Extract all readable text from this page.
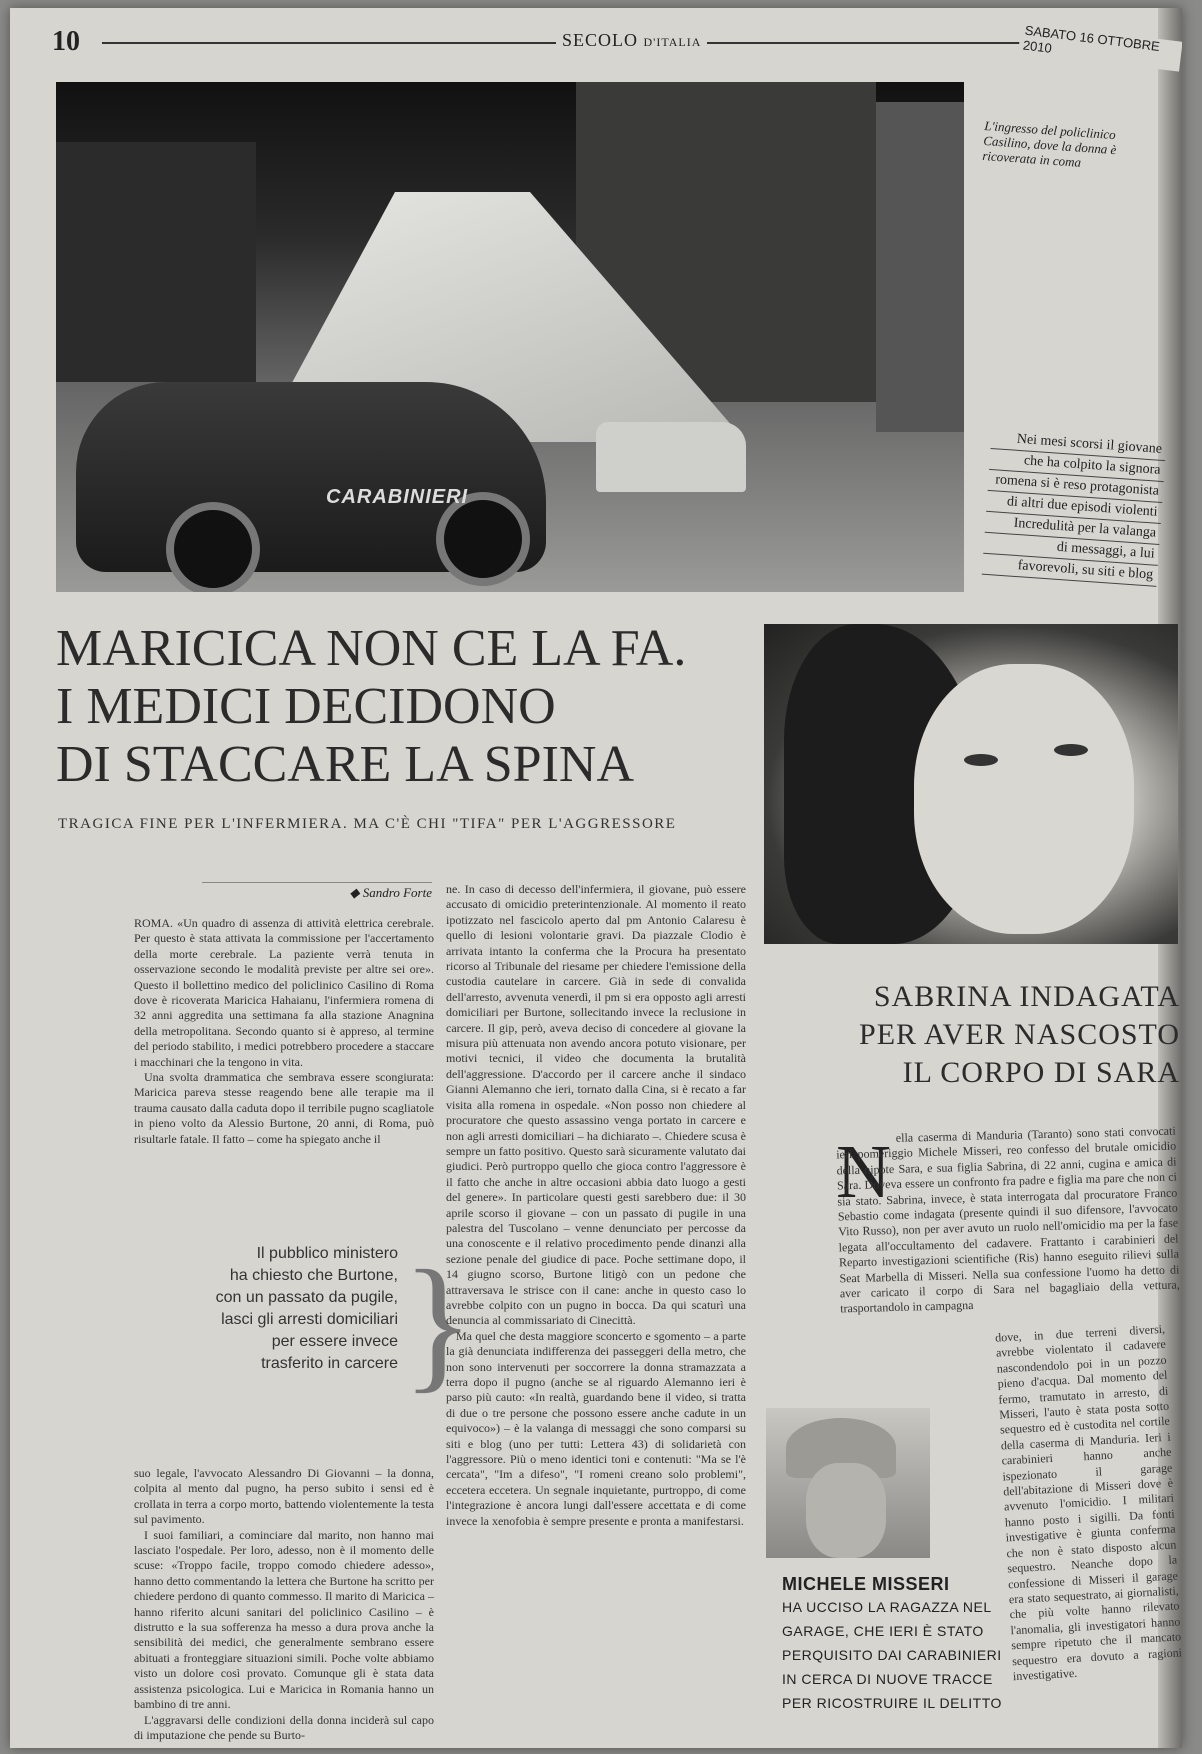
10	SECOLO D'ITALIA	SABATO 16 OTTOBRE 2010
CARABINIERI
L'ingresso del policlinico Casilino, dove la donna è ricoverata in coma
Nei mesi scorsi il giovane
che ha colpito la signora
romena si è reso protagonista
di altri due episodi violenti
Incredulità per la valanga
di messaggi, a lui
favorevoli, su siti e blog
MARICICA NON CE LA FA.
I MEDICI DECIDONO
DI STACCARE LA SPINA
TRAGICA FINE PER L'INFERMIERA. MA C'È CHI "TIFA" PER L'AGGRESSORE
◆ Sandro Forte

ROMA. «Un quadro di assenza di attività elettrica cerebrale. Per questo è stata attivata la commissione per l'accertamento della morte cerebrale. La paziente verrà tenuta in osservazione secondo le modalità previste per altre sei ore». Questo il bollettino medico del policlinico Casilino di Roma dove è ricoverata Maricica Hahaianu, l'infermiera romena di 32 anni aggredita una settimana fa alla stazione Anagnina della metropolitana. Secondo quanto si è appreso, al termine del periodo stabilito, i medici potrebbero procedere a staccare i macchinari che la tengono in vita.

Una svolta drammatica che sembrava essere scongiurata: Maricica pareva stesse reagendo bene alle terapie ma il trauma causato dalla caduta dopo il terribile pugno scagliatole in pieno volto da Alessio Burtone, 20 anni, di Roma, può risultarle fatale. Il fatto – come ha spiegato anche il

Il pubblico ministero
ha chiesto che Burtone,
con un passato da pugile,
lasci gli arresti domiciliari
per essere invece
trasferito in carcere }

suo legale, l'avvocato Alessandro Di Giovanni – la donna, colpita al mento dal pugno, ha perso subito i sensi ed è crollata in terra a corpo morto, battendo violentemente la testa sul pavimento.

I suoi familiari, a cominciare dal marito, non hanno mai lasciato l'ospedale. Per loro, adesso, non è il momento delle scuse: «Troppo facile, troppo comodo chiedere adesso», hanno detto commentando la lettera che Burtone ha scritto per chiedere perdono di quanto commesso. Il marito di Maricica – hanno riferito alcuni sanitari del policlinico Casilino – è distrutto e la sua sofferenza ha messo a dura prova anche la sensibilità dei medici, che generalmente sembrano essere abituati a fronteggiare situazioni simili. Poche volte abbiamo visto un dolore così provato. Comunque gli è stata data assistenza psicologica. Lui e Maricica in Romania hanno un bambino di tre anni.

L'aggravarsi delle condizioni della donna inciderà sul capo di imputazione che pende su Burto-

ne. In caso di decesso dell'infermiera, il giovane, può essere accusato di omicidio preterintenzionale. Al momento il reato ipotizzato nel fascicolo aperto dal pm Antonio Calaresu è quello di lesioni volontarie gravi. Da piazzale Clodio è arrivata intanto la conferma che la Procura ha presentato ricorso al Tribunale del riesame per chiedere l'emissione della custodia cautelare in carcere. Già in sede di convalida dell'arresto, avvenuta venerdì, il pm si era opposto agli arresti domiciliari per Burtone, sollecitando invece la reclusione in carcere. Il gip, però, aveva deciso di concedere al giovane la misura più attenuata non avendo ancora potuto visionare, per motivi tecnici, il video che documenta la brutalità dell'aggressione. D'accordo per il carcere anche il sindaco Gianni Alemanno che ieri, tornato dalla Cina, si è recato a far visita alla romena in ospedale. «Non posso non chiedere al procuratore che questo assassino venga portato in carcere e non agli arresti domiciliari – ha dichiarato –. Chiedere scusa è sempre un fatto positivo. Questo sarà sicuramente valutato dai giudici. Però purtroppo quello che gioca contro l'aggressore è il fatto che anche in altre occasioni abbia dato luogo a gesti del genere». In particolare questi gesti sarebbero due: il 30 aprile scorso il giovane – con un passato di pugile in una palestra del Tuscolano – venne denunciato per percosse da una conoscente e il relativo procedimento pende dinanzi alla sezione penale del giudice di pace. Poche settimane dopo, il 14 giugno scorso, Burtone litigò con un pedone che attraversava le strisce con il cane: anche in questo caso lo avrebbe colpito con un pugno in bocca. Da qui scaturì una denuncia al commissariato di Cinecittà.

Ma quel che desta maggiore sconcerto e sgomento – a parte la già denunciata indifferenza dei passeggeri della metro, che non sono intervenuti per soccorrere la donna stramazzata a terra dopo il pugno (anche se al riguardo Alemanno ieri è parso più cauto: «In realtà, guardando bene il video, si tratta di due o tre persone che possono essere anche cadute in un equivoco») – è la valanga di messaggi che sono comparsi su siti e blog (uno per tutti: Lettera 43) di solidarietà con l'aggressore. Più o meno identici toni e contenuti: "Ma se l'è cercata", "Im a difeso", "I romeni creano solo problemi", eccetera eccetera. Un segnale inquietante, purtroppo, di come l'integrazione è ancora lungi dall'essere accettata e di come invece la xenofobia è sempre presente e pronta a manifestarsi.

SABRINA INDAGATA
PER AVER NASCOSTO
IL CORPO DI SARA
N ella caserma di Manduria (Taranto) sono stati convocati ieri pomeriggio Michele Misseri, reo confesso del brutale omicidio della nipote Sara, e sua figlia Sabrina, di 22 anni, cugina e amica di Sara. Doveva essere un confronto fra padre e figlia ma pare che non ci sia stato. Sabrina, invece, è stata interrogata dal procuratore Franco Sebastio come indagata (presente quindi il suo difensore, l'avvocato Vito Russo), non per aver avuto un ruolo nell'omicidio ma per la fase legata all'occultamento del cadavere. Frattanto i carabinieri del Reparto investigazioni scientifiche (Ris) hanno eseguito rilievi sulla Seat Marbella di Misseri. Nella sua confessione l'uomo ha detto di aver caricato il corpo di Sara nel bagagliaio della vettura, trasportandolo in campagna

dove, in due terreni diversi, avrebbe violentato il cadavere nascondendolo poi in un pozzo pieno d'acqua. Dal momento del fermo, tramutato in arresto, di Misseri, l'auto è stata posta sotto sequestro ed è custodita nel cortile della caserma di Manduria. Ieri i carabinieri hanno anche ispezionato il garage dell'abitazione di Misseri dove è avvenuto l'omicidio. I militari hanno posto i sigilli. Da fonti investigative è giunta conferma che non è stato disposto alcun sequestro. Neanche dopo la confessione di Misseri il garage era stato sequestrato, ai giornalisti, che più volte hanno rilevato l'anomalia, gli investigatori hanno sempre ripetuto che il mancato sequestro era dovuto a ragioni investigative.

MICHELE MISSERI
HA UCCISO LA RAGAZZA NEL GARAGE, CHE IERI È STATO PERQUISITO DAI CARABINIERI IN CERCA DI NUOVE TRACCE PER RICOSTRUIRE IL DELITTO
